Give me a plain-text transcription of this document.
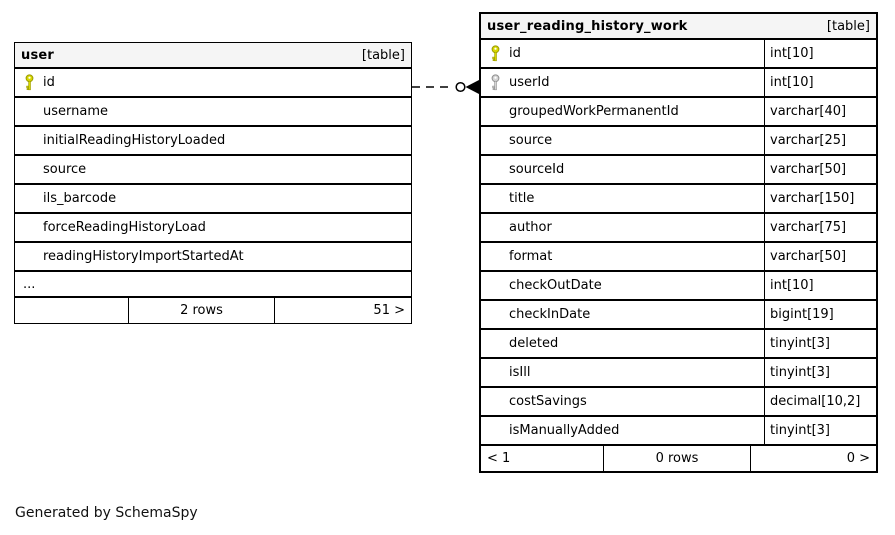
user	[table]
id
username
initialReadingHistoryLoaded
source
ils_barcode
forceReadingHistoryLoad
readingHistoryImportStartedAt
...
2 rows	51 >
user_reading_history_work	[table]
id	int[10]
userId	int[10]
groupedWorkPermanentId	varchar[40]
source	varchar[25]
sourceId	varchar[50]
title	varchar[150]
author	varchar[75]
format	varchar[50]
checkOutDate	int[10]
checkInDate	bigint[19]
deleted	tinyint[3]
isIll	tinyint[3]
costSavings	decimal[10,2]
isManuallyAdded	tinyint[3]
< 1	0 rows	0 >
Generated by SchemaSpy
